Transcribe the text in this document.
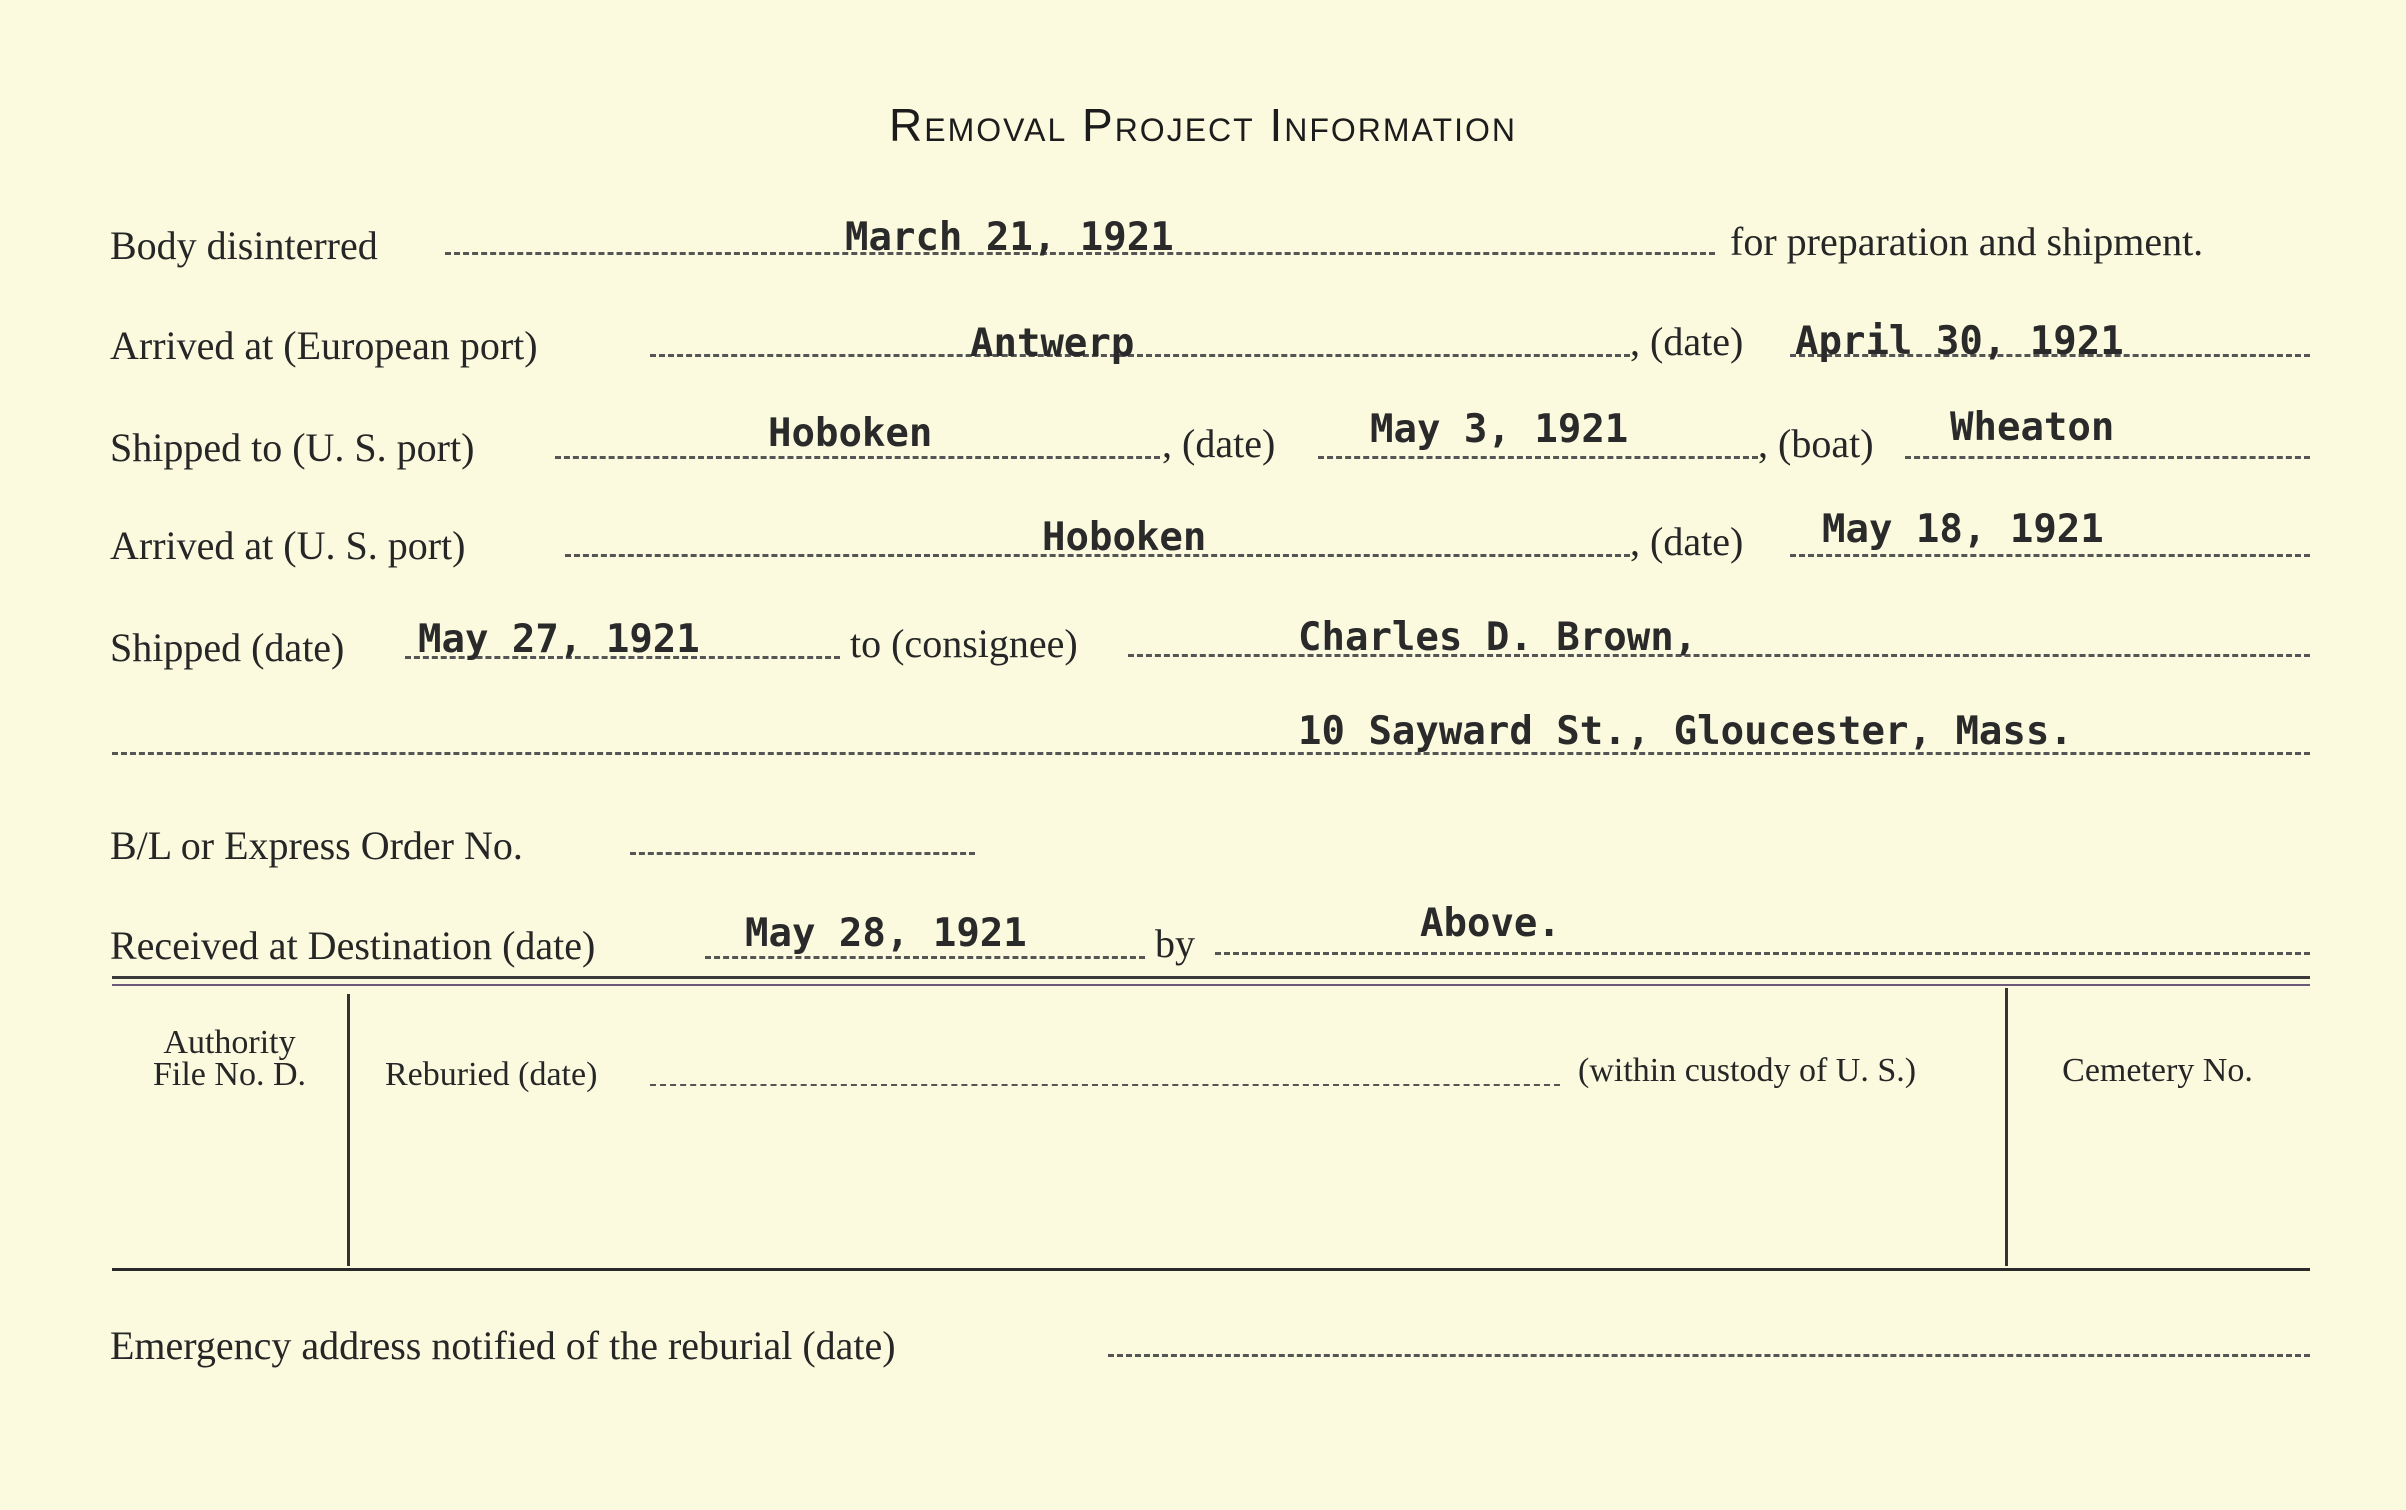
Removal Project Information
Body disinterred	March 21, 1921	for preparation and shipment.
Arrived at (European port)	Antwerp	, (date) April 30, 1921
Shipped to (U. S. port)	Hoboken	, (date) May 3, 1921	, (boat) Wheaton
Arrived at (U. S. port)	Hoboken	, (date) May 18, 1921
Shipped (date) May 27, 1921	to (consignee)	Charles D. Brown,
10 Sayward St., Gloucester, Mass.
B/L or Express Order No.
Received at Destination (date)	May 28, 1921	by	Above.
Authority
File No. D.	Reburied (date)	(within custody of U. S.)	Cemetery No.
Emergency address notified of the reburial (date)
